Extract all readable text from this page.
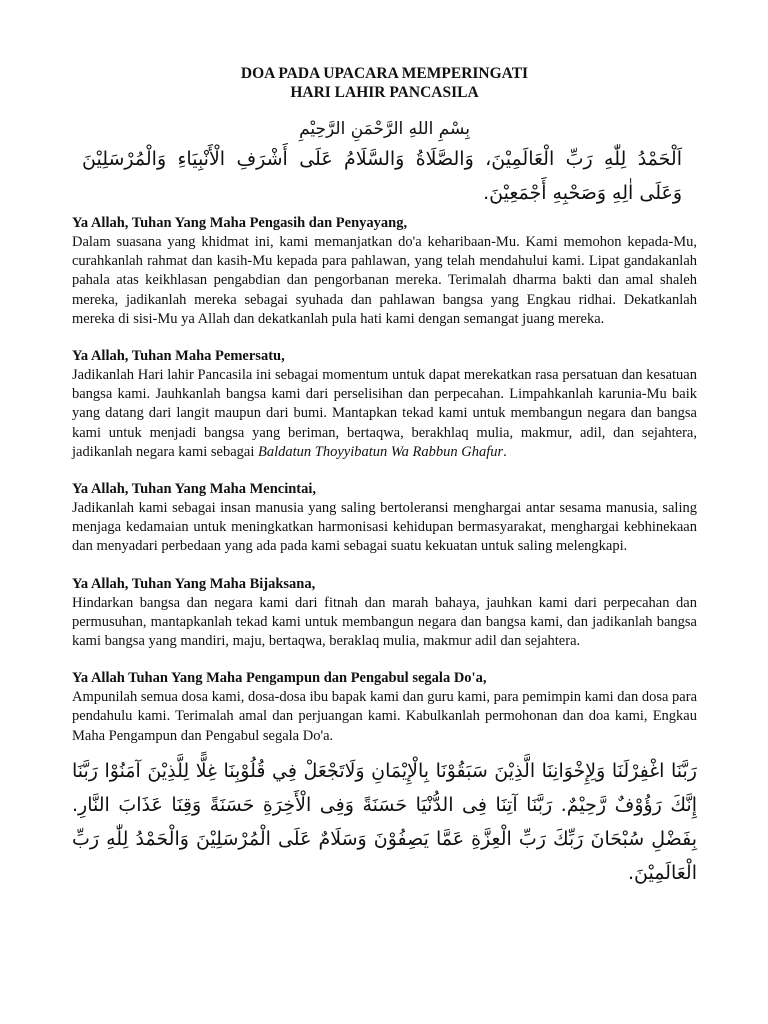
DOA PADA UPACARA MEMPERINGATI

HARI LAHIR PANCASILA

بِسْمِ اللهِ الرَّحْمَنِ الرَّحِيْمِ
اَلْحَمْدُ لِلّٰهِ رَبِّ الْعَالَمِيْنَ، وَالصَّلَاةُ وَالسَّلَامُ عَلَى أَشْرَفِ الْأَنْبِيَاءِ وَالْمُرْسَلِيْنَ وَعَلَى اٰلِهِ وَصَحْبِهِ أَجْمَعِيْنَ.

Ya Allah, Tuhan Yang Maha Pengasih dan Penyayang,

Dalam suasana yang khidmat ini, kami memanjatkan do'a keharibaan-Mu. Kami memohon kepada-Mu, curahkanlah rahmat dan kasih-Mu kepada para pahlawan, yang telah mendahului kami. Lipat gandakanlah pahala atas keikhlasan pengabdian dan pengorbanan mereka. Terimalah dharma bakti dan amal shaleh mereka, jadikanlah mereka sebagai syuhada dan pahlawan bangsa yang Engkau ridhai. Dekatkanlah mereka di sisi-Mu ya Allah dan dekatkanlah pula hati kami dengan semangat juang mereka.

Ya Allah, Tuhan Maha Pemersatu,

Jadikanlah Hari lahir Pancasila ini sebagai momentum untuk dapat merekatkan rasa persatuan dan kesatuan bangsa kami. Jauhkanlah bangsa kami dari perselisihan dan perpecahan. Limpahkanlah karunia-Mu baik yang datang dari langit maupun dari bumi. Mantapkan tekad kami untuk membangun negara dan bangsa kami untuk menjadi bangsa yang beriman, bertaqwa, berakhlaq mulia, makmur, adil, dan sejahtera, jadikanlah negara kami sebagai Baldatun Thoyyibatun Wa Rabbun Ghafur.

Ya Allah, Tuhan Yang Maha Mencintai,

Jadikanlah kami sebagai insan manusia yang saling bertoleransi menghargai antar sesama manusia, saling menjaga kedamaian untuk meningkatkan harmonisasi kehidupan bermasyarakat, menghargai kebhinekaan dan menyadari perbedaan yang ada pada kami sebagai suatu kekuatan untuk saling melengkapi.

Ya Allah, Tuhan Yang Maha Bijaksana,

Hindarkan bangsa dan negara kami dari fitnah dan marah bahaya, jauhkan kami dari perpecahan dan permusuhan, mantapkanlah tekad kami untuk membangun negara dan bangsa kami, dan jadikanlah bangsa kami bangsa yang mandiri, maju, bertaqwa, beraklaq mulia, makmur adil dan sejahtera.

Ya Allah Tuhan Yang Maha Pengampun dan Pengabul segala Do'a,

Ampunilah semua dosa kami, dosa-dosa ibu bapak kami dan guru kami, para pemimpin kami dan dosa para pendahulu kami. Terimalah amal dan perjuangan kami. Kabulkanlah permohonan dan doa kami, Engkau Maha Pengampun dan Pengabul segala Do'a.

رَبَّنَا اغْفِرْلَنَا وَلِإِخْوَانِنَا الَّذِيْنَ سَبَقُوْنَا بِالْإِيْمَانِ وَلَاتَجْعَلْ فِي قُلُوْبِنَا غِلًّا لِلَّذِيْنَ آمَنُوْا رَبَّنَا إِنَّكَ رَؤُوْفٌ رَّحِيْمٌ. رَبَّنَا آتِنَا فِى الدُّنْيَا حَسَنَةً وَفِى الْأَخِرَةِ حَسَنَةً وَقِنَا عَذَابَ النَّارِ. بِفَضْلِ سُبْحَانَ رَبِّكَ رَبِّ الْعِزَّةِ عَمَّا يَصِفُوْنَ وَسَلَامٌ عَلَى الْمُرْسَلِيْنَ وَالْحَمْدُ لِلّٰهِ رَبِّ الْعَالَمِيْنَ.
